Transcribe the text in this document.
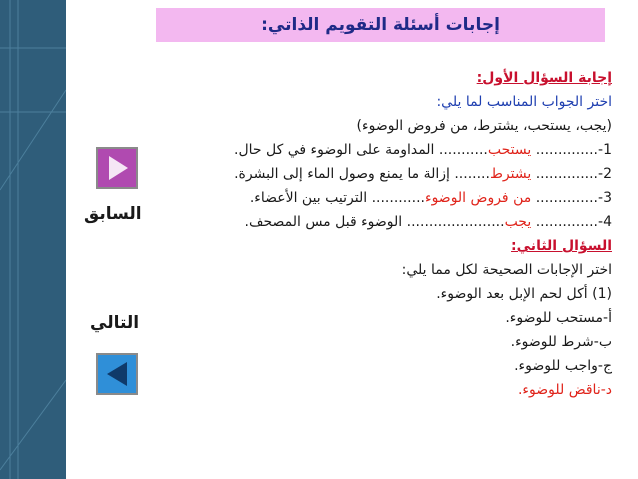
إجابات أسئلة التقويم الذاتي:
إجابة السؤال الأول:
اختر الجواب المناسب لما يلي:
(يجب، يستحب، يشترط، من فروض الوضوء)
1-.............. يستحب........... المداومة على الوضوء في كل حال.
2-.............. يشترط........ إزالة ما يمنع وصول الماء إلى البشرة.
3-.............. من فروض الوضوء............ الترتيب بين الأعضاء.
4-.............. يجب...................... الوضوء قبل مس المصحف.
السؤال الثاني:
اختر الإجابات الصحيحة لكل مما يلي:
(1) أكل لحم الإبل بعد الوضوء.
أ-مستحب للوضوء.
ب-شرط للوضوء.
ج-واجب للوضوء.
د-ناقض للوضوء.
السابق
التالي
